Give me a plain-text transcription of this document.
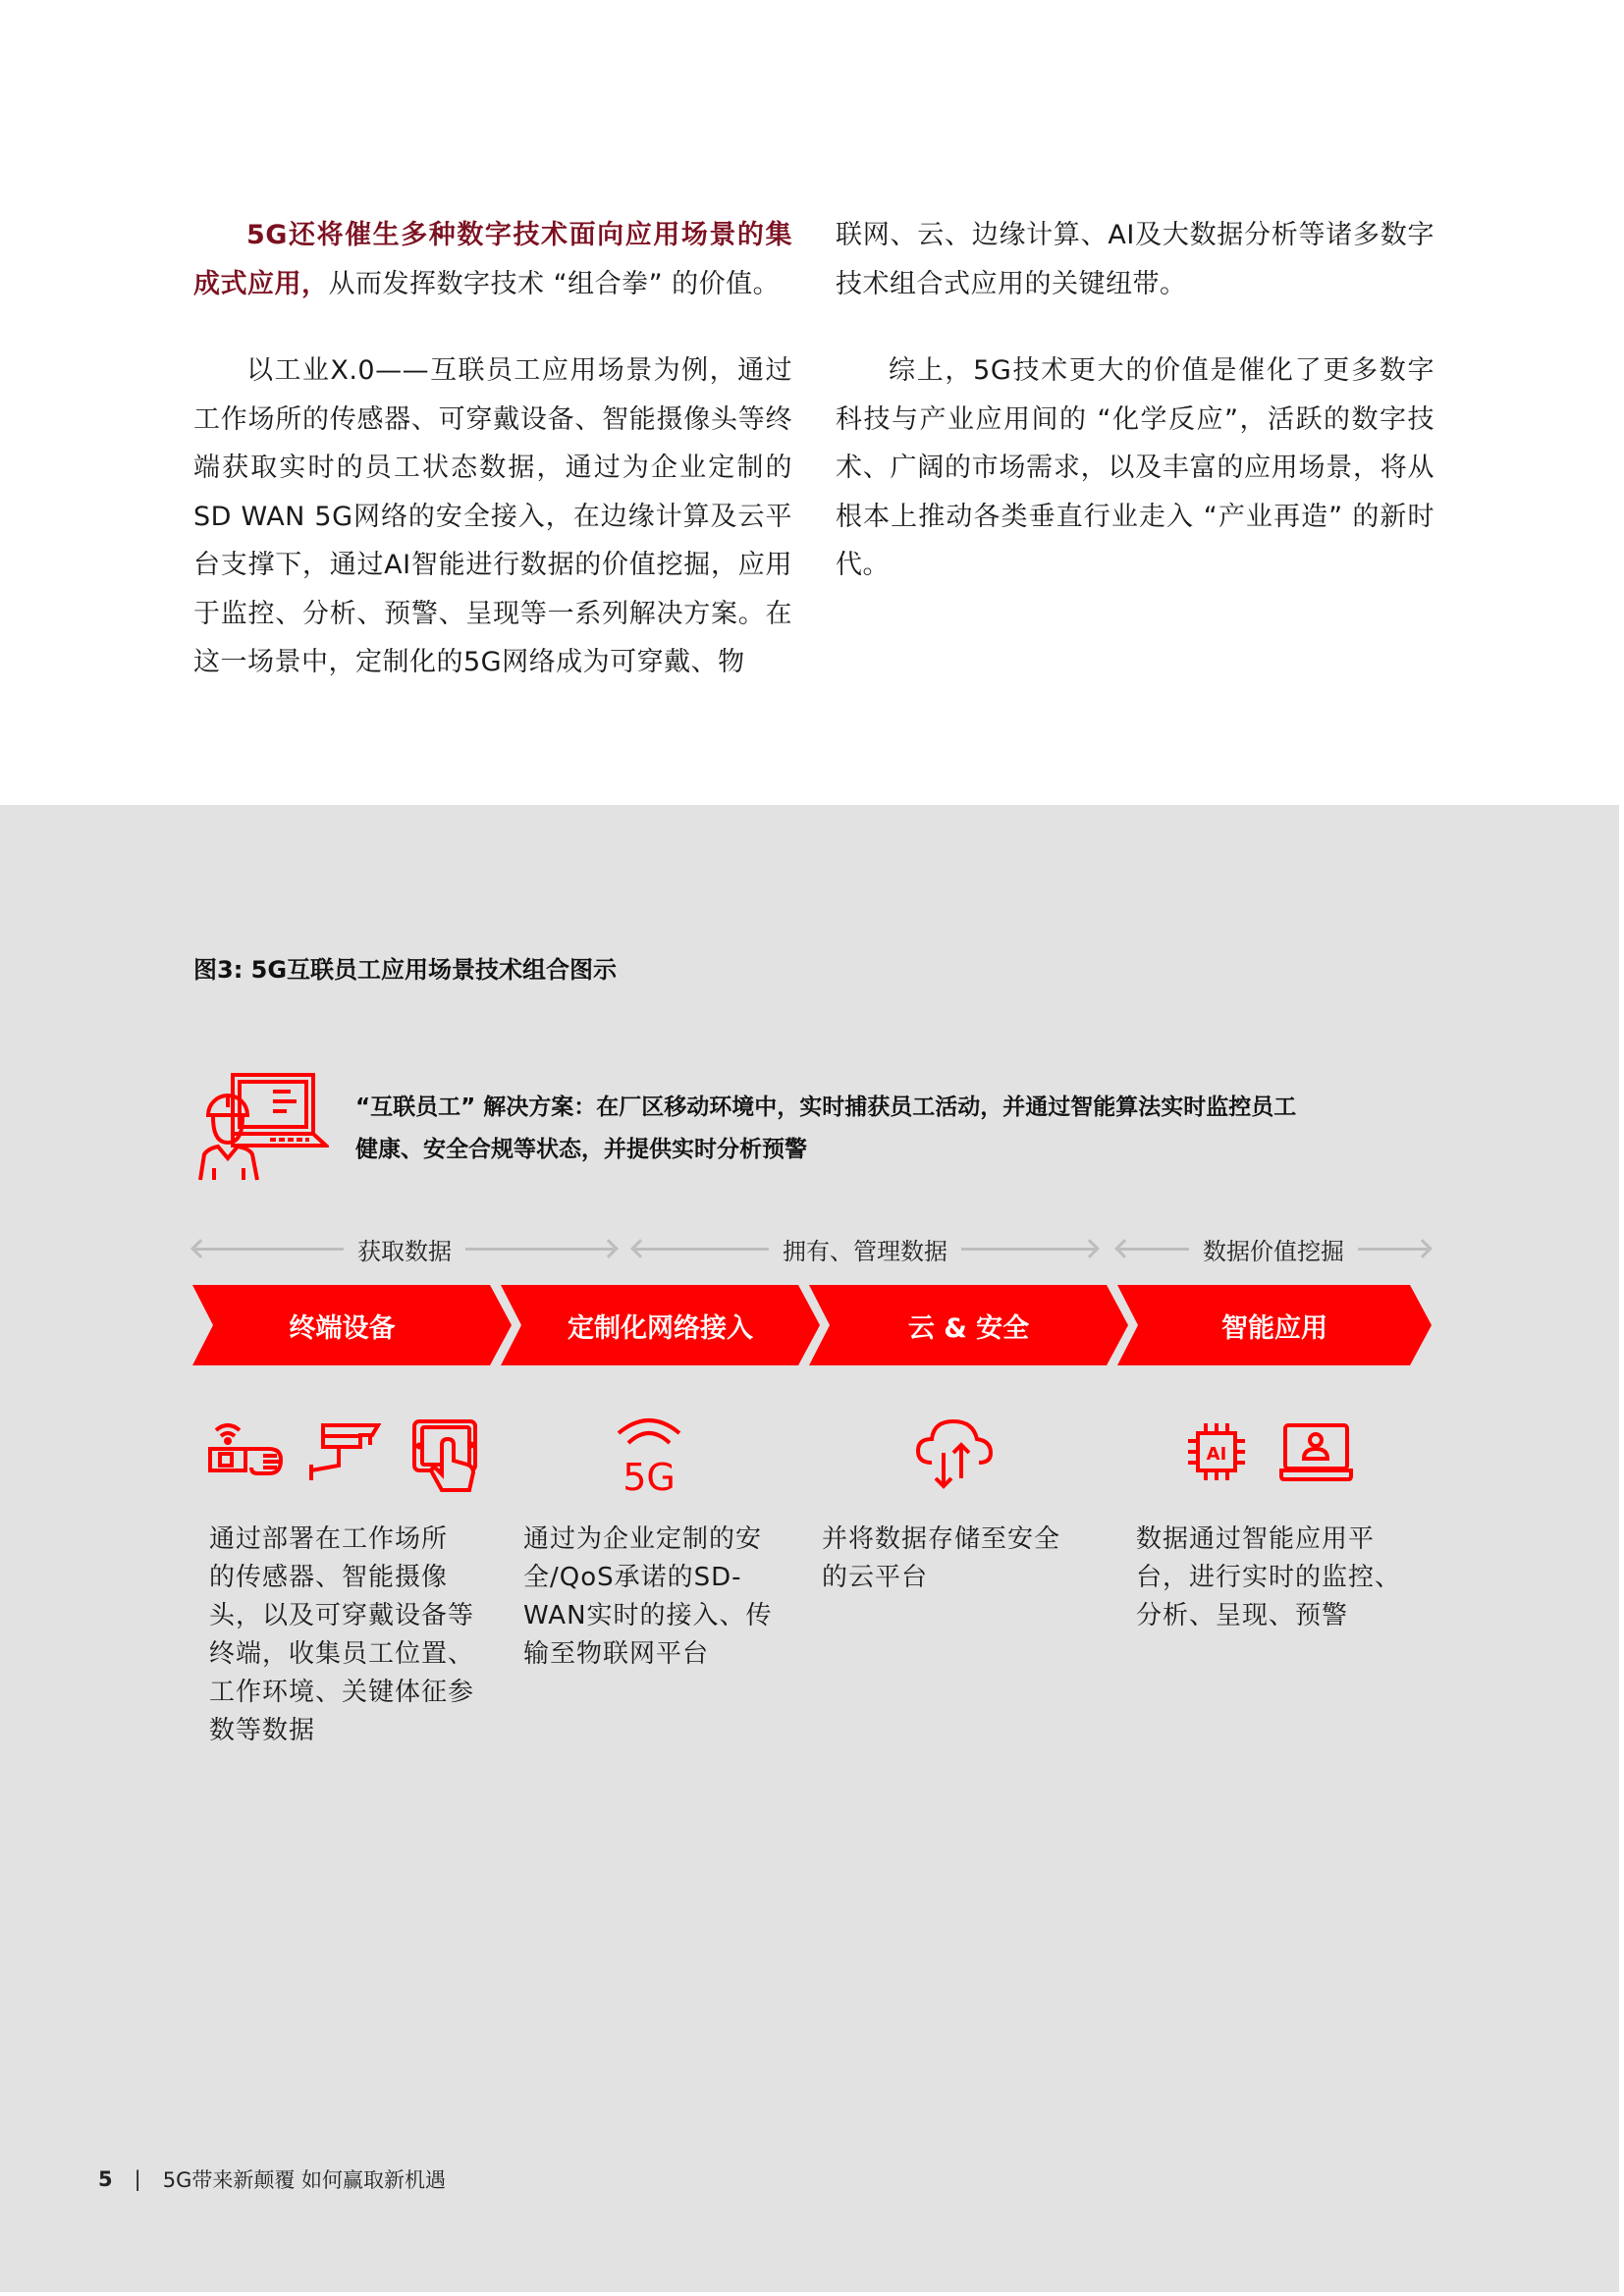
5G还将催生多种数字技术面向应用场景的集成式应用，从而发挥数字技术 “组合拳” 的价值。

以工业X.0——互联员工应用场景为例，通过工作场所的传感器、可穿戴设备、智能摄像头等终端获取实时的员工状态数据，通过为企业定制的SD WAN 5G网络的安全接入，在边缘计算及云平台支撑下，通过AI智能进行数据的价值挖掘，应用于监控、分析、预警、呈现等一系列解决方案。在这一场景中，定制化的5G网络成为可穿戴、物

联网、云、边缘计算、AI及大数据分析等诸多数字技术组合式应用的关键纽带。

综上，5G技术更大的价值是催化了更多数字科技与产业应用间的 “化学反应”，活跃的数字技术、广阔的市场需求，以及丰富的应用场景，将从根本上推动各类垂直行业走入 “产业再造” 的新时代。

图3: 5G互联员工应用场景技术组合图示
“互联员工” 解决方案：在厂区移动环境中，实时捕获员工活动，并通过智能算法实时监控员工
健康、安全合规等状态，并提供实时分析预警
获取数据	拥有、管理数据	数据价值挖掘
终端设备	定制化网络接入	云 & 安全	智能应用
5G
AI
通过部署在工作场所
的传感器、智能摄像
头，以及可穿戴设备等
终端，收集员工位置、
工作环境、关键体征参
数等数据
通过为企业定制的安
全/QoS承诺的SD-
WAN实时的接入、传
输至物联网平台
并将数据存储至安全
的云平台
数据通过智能应用平
台，进行实时的监控、
分析、呈现、预警
5 | 5G带来新颠覆 如何赢取新机遇
